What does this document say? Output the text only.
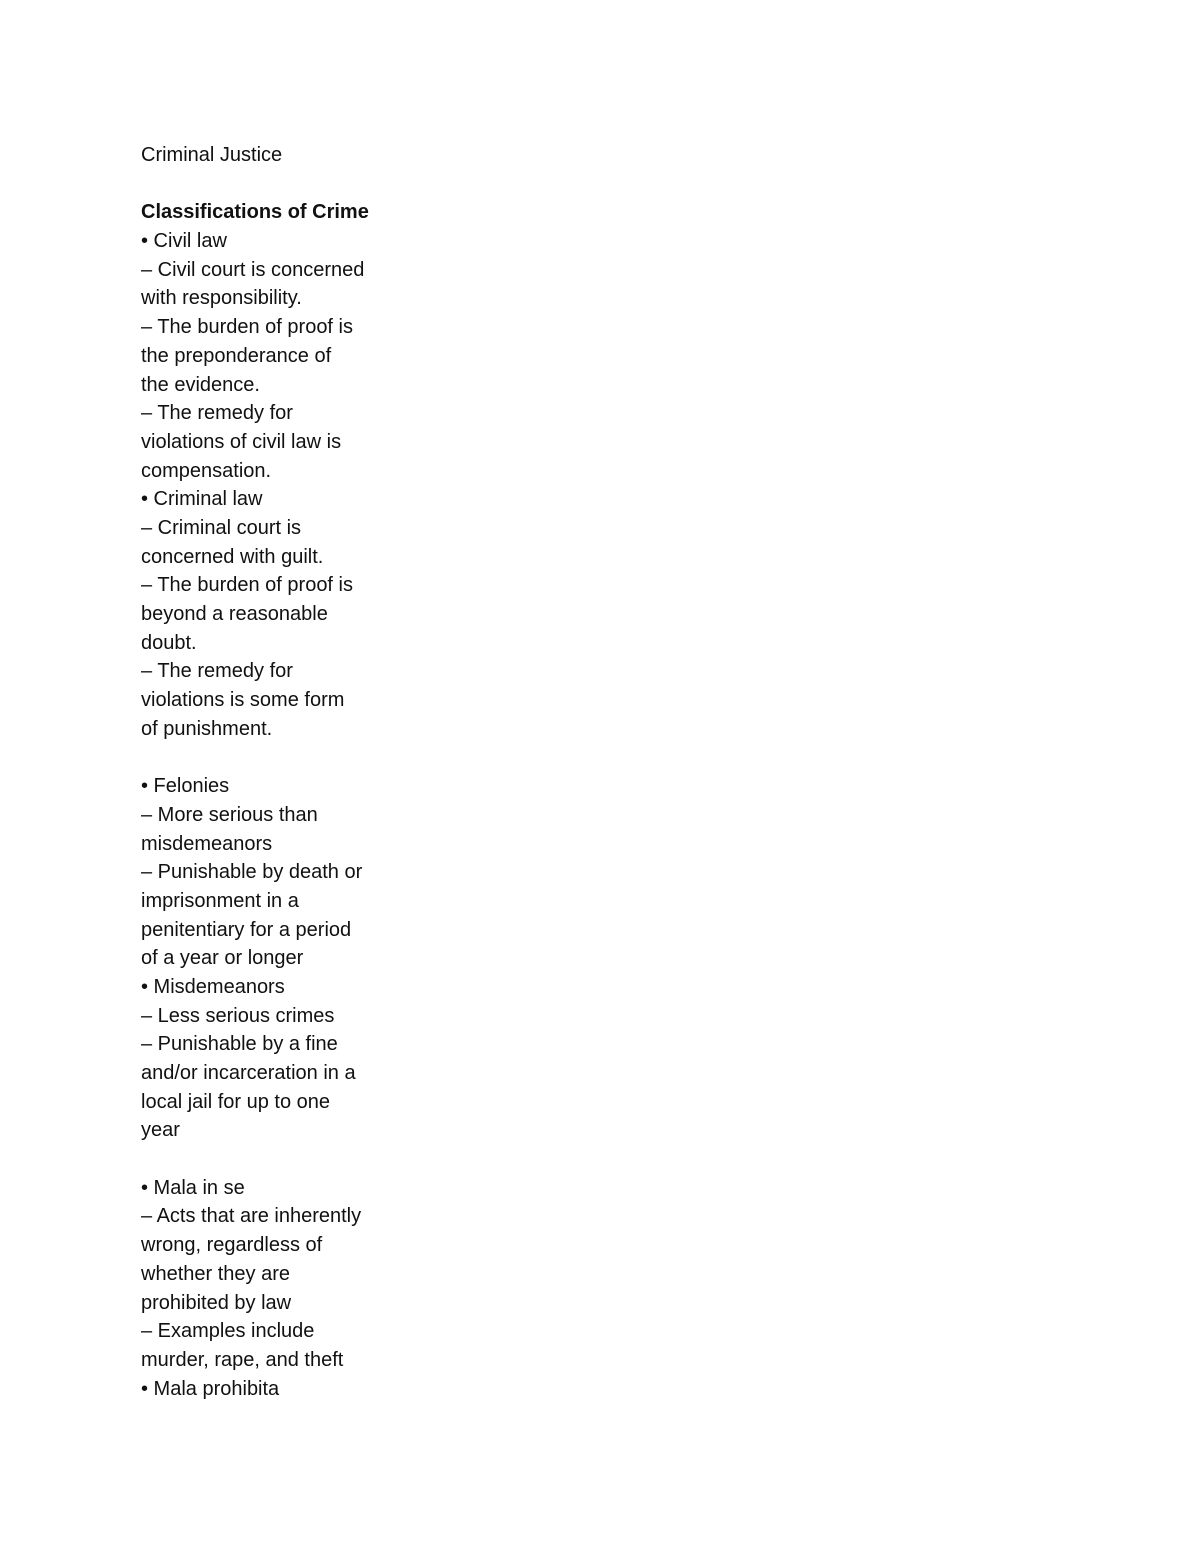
Criminal Justice
Classifications of Crime
• Civil law
– Civil court is concerned
with responsibility.
– The burden of proof is
the preponderance of
the evidence.
– The remedy for
violations of civil law is
compensation.
• Criminal law
– Criminal court is
concerned with guilt.
– The burden of proof is
beyond a reasonable
doubt.
– The remedy for
violations is some form
of punishment.
• Felonies
– More serious than
misdemeanors
– Punishable by death or
imprisonment in a
penitentiary for a period
of a year or longer
• Misdemeanors
– Less serious crimes
– Punishable by a fine
and/or incarceration in a
local jail for up to one
year
• Mala in se
– Acts that are inherently
wrong, regardless of
whether they are
prohibited by law
– Examples include
murder, rape, and theft
• Mala prohibita
